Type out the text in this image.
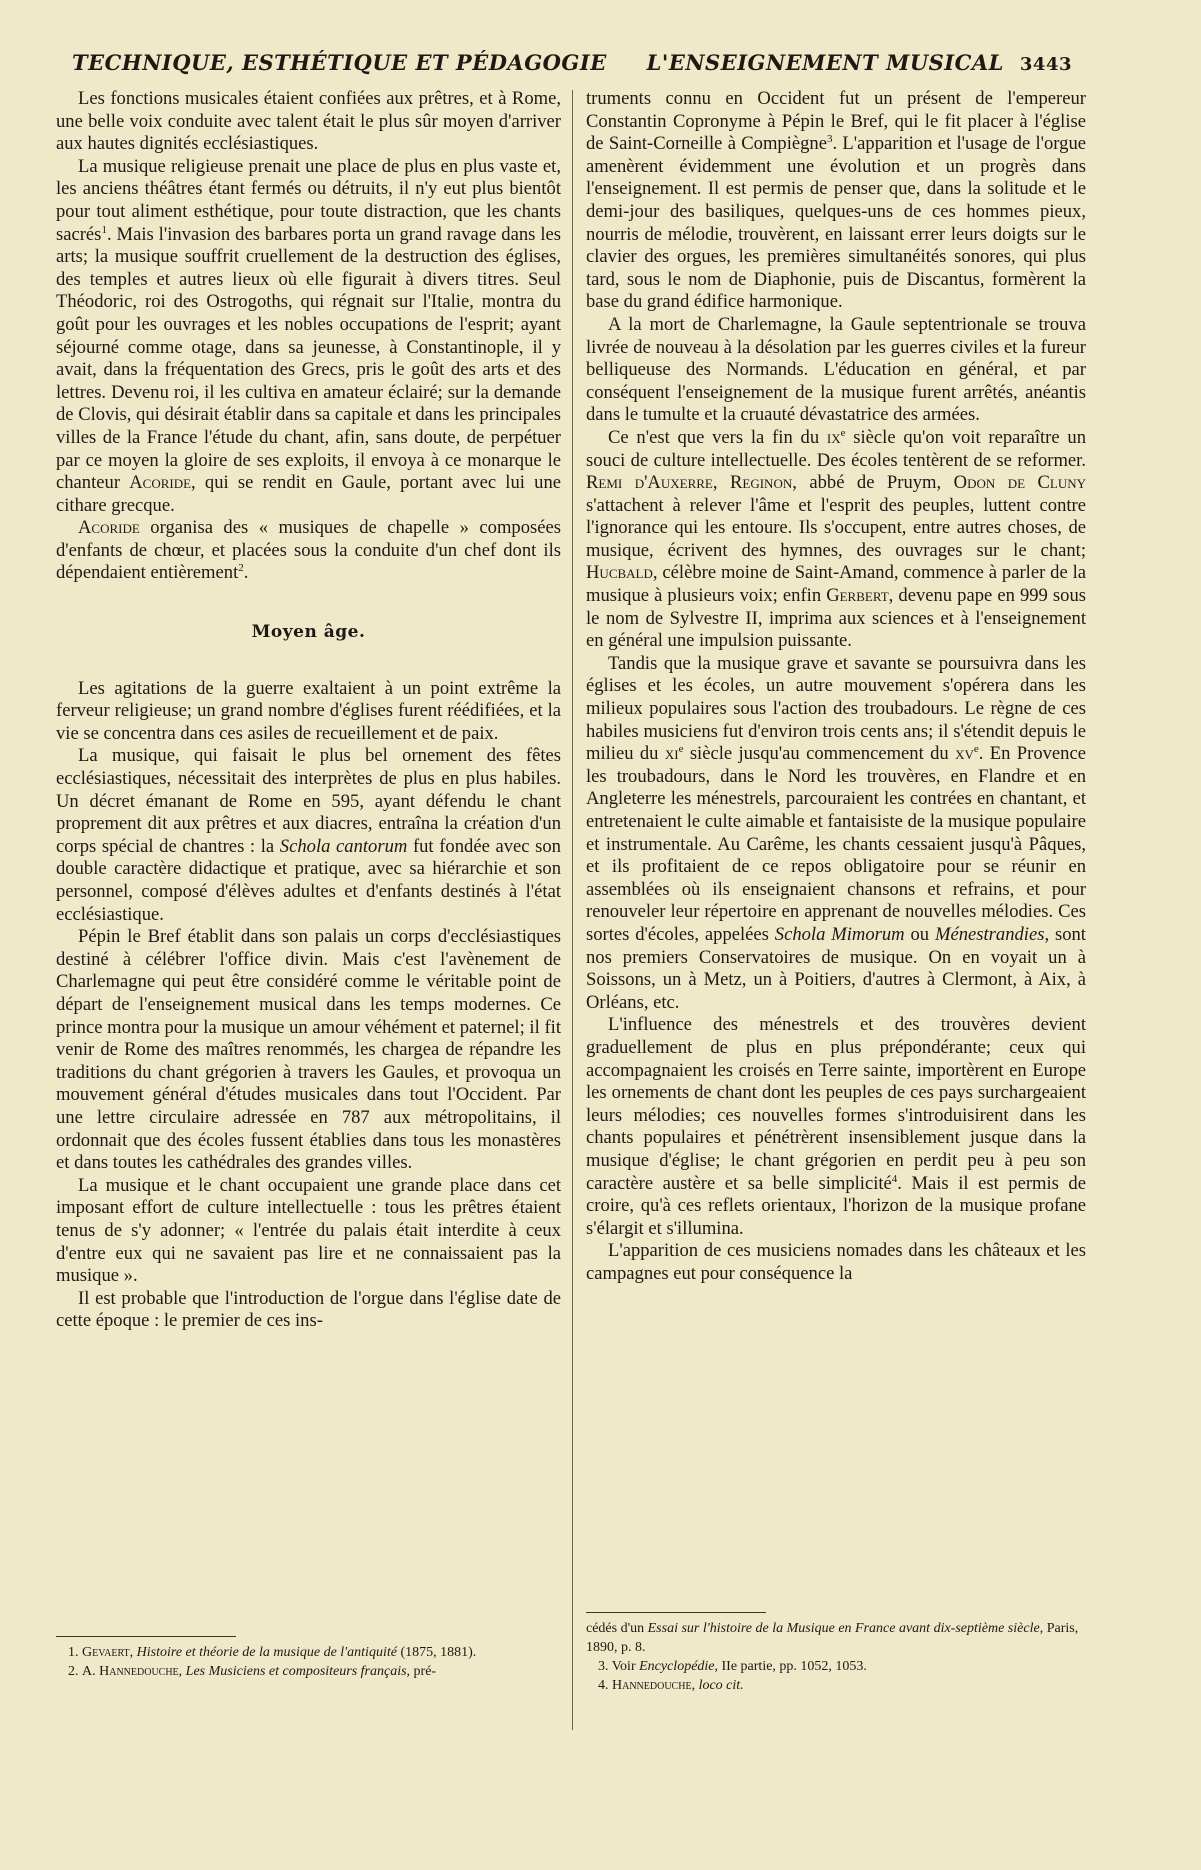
TECHNIQUE, ESTHÉTIQUE ET PÉDAGOGIE L'ENSEIGNEMENT MUSICAL 3443

Les fonctions musicales étaient confiées aux prêtres, et à Rome, une belle voix conduite avec talent était le plus sûr moyen d'arriver aux hautes dignités ecclésiastiques.

La musique religieuse prenait une place de plus en plus vaste et, les anciens théâtres étant fermés ou détruits, il n'y eut plus bientôt pour tout aliment esthétique, pour toute distraction, que les chants sacrés$^1$. Mais l'invasion des barbares porta un grand ravage dans les arts; la musique souffrit cruellement de la destruction des églises, des temples et autres lieux où elle figurait à divers titres. Seul Théodoric, roi des Ostrogoths, qui régnait sur l'Italie, montra du goût pour les ouvrages et les nobles occupations de l'esprit; ayant séjourné comme otage, dans sa jeunesse, à Constantinople, il y avait, dans la fréquentation des Grecs, pris le goût des arts et des lettres. Devenu roi, il les cultiva en amateur éclairé; sur la demande de Clovis, qui désirait établir dans sa capitale et dans les principales villes de la France l'étude du chant, afin, sans doute, de perpétuer par ce moyen la gloire de ses exploits, il envoya à ce monarque le chanteur Acoride, qui se rendit en Gaule, portant avec lui une cithare grecque.

Acoride organisa des « musiques de chapelle » composées d'enfants de chœur, et placées sous la conduite d'un chef dont ils dépendaient entièrement$^2$.

Moyen âge.

Les agitations de la guerre exaltaient à un point extrême la ferveur religieuse; un grand nombre d'églises furent réédifiées, et la vie se concentra dans ces asiles de recueillement et de paix.

La musique, qui faisait le plus bel ornement des fêtes ecclésiastiques, nécessitait des interprètes de plus en plus habiles. Un décret émanant de Rome en 595, ayant défendu le chant proprement dit aux prêtres et aux diacres, entraîna la création d'un corps spécial de chantres : la Schola cantorum fut fondée avec son double caractère didactique et pratique, avec sa hiérarchie et son personnel, composé d'élèves adultes et d'enfants destinés à l'état ecclésiastique.

Pépin le Bref établit dans son palais un corps d'ecclésiastiques destiné à célébrer l'office divin. Mais c'est l'avènement de Charlemagne qui peut être considéré comme le véritable point de départ de l'enseignement musical dans les temps modernes. Ce prince montra pour la musique un amour véhément et paternel; il fit venir de Rome des maîtres renommés, les chargea de répandre les traditions du chant grégorien à travers les Gaules, et provoqua un mouvement général d'études musicales dans tout l'Occident. Par une lettre circulaire adressée en 787 aux métropolitains, il ordonnait que des écoles fussent établies dans tous les monastères et dans toutes les cathédrales des grandes villes.

La musique et le chant occupaient une grande place dans cet imposant effort de culture intellectuelle : tous les prêtres étaient tenus de s'y adonner; « l'entrée du palais était interdite à ceux d'entre eux qui ne savaient pas lire et ne connaissaient pas la musique ».

Il est probable que l'introduction de l'orgue dans l'église date de cette époque : le premier de ces ins-

1. Gevaert, Histoire et théorie de la musique de l'antiquité (1875, 1881).
2. A. Hannedouche, Les Musiciens et compositeurs français, pré-

truments connu en Occident fut un présent de l'empereur Constantin Copronyme à Pépin le Bref, qui le fit placer à l'église de Saint-Corneille à Compiègne$^3$. L'apparition et l'usage de l'orgue amenèrent évidemment une évolution et un progrès dans l'enseignement. Il est permis de penser que, dans la solitude et le demi-jour des basiliques, quelques-uns de ces hommes pieux, nourris de mélodie, trouvèrent, en laissant errer leurs doigts sur le clavier des orgues, les premières simultanéités sonores, qui plus tard, sous le nom de Diaphonie, puis de Discantus, formèrent la base du grand édifice harmonique.

A la mort de Charlemagne, la Gaule septentrionale se trouva livrée de nouveau à la désolation par les guerres civiles et la fureur belliqueuse des Normands. L'éducation en général, et par conséquent l'enseignement de la musique furent arrêtés, anéantis dans le tumulte et la cruauté dévastatrice des armées.

Ce n'est que vers la fin du $ix^e$ siècle qu'on voit reparaître un souci de culture intellectuelle. Des écoles tentèrent de se reformer. Remi d'Auxerre, Reginon, abbé de Pruym, Odon de Cluny s'attachent à relever l'âme et l'esprit des peuples, luttent contre l'ignorance qui les entoure. Ils s'occupent, entre autres choses, de musique, écrivent des hymnes, des ouvrages sur le chant; Hucbald, célèbre moine de Saint-Amand, commence à parler de la musique à plusieurs voix; enfin Gerbert, devenu pape en 999 sous le nom de Sylvestre II, imprima aux sciences et à l'enseignement en général une impulsion puissante.

Tandis que la musique grave et savante se poursuivra dans les églises et les écoles, un autre mouvement s'opérera dans les milieux populaires sous l'action des troubadours. Le règne de ces habiles musiciens fut d'environ trois cents ans; il s'étendit depuis le milieu du $xi^e$ siècle jusqu'au commencement du $xv^e$. En Provence les troubadours, dans le Nord les trouvères, en Flandre et en Angleterre les ménestrels, parcouraient les contrées en chantant, et entretenaient le culte aimable et fantaisiste de la musique populaire et instrumentale. Au Carême, les chants cessaient jusqu'à Pâques, et ils profitaient de ce repos obligatoire pour se réunir en assemblées où ils enseignaient chansons et refrains, et pour renouveler leur répertoire en apprenant de nouvelles mélodies. Ces sortes d'écoles, appelées Schola Mimorum ou Ménestrandies, sont nos premiers Conservatoires de musique. On en voyait un à Soissons, un à Metz, un à Poitiers, d'autres à Clermont, à Aix, à Orléans, etc.

L'influence des ménestrels et des trouvères devient graduellement de plus en plus prépondérante; ceux qui accompagnaient les croisés en Terre sainte, importèrent en Europe les ornements de chant dont les peuples de ces pays surchargeaient leurs mélodies; ces nouvelles formes s'introduisirent dans les chants populaires et pénétrèrent insensiblement jusque dans la musique d'église; le chant grégorien en perdit peu à peu son caractère austère et sa belle simplicité$^4$. Mais il est permis de croire, qu'à ces reflets orientaux, l'horizon de la musique profane s'élargit et s'illumina.

L'apparition de ces musiciens nomades dans les châteaux et les campagnes eut pour conséquence la

cédés d'un Essai sur l'histoire de la Musique en France avant dix-septième siècle, Paris, 1890, p. 8.
3. Voir Encyclopédie, IIe partie, pp. 1052, 1053.
4. Hannedouche, loco cit.
